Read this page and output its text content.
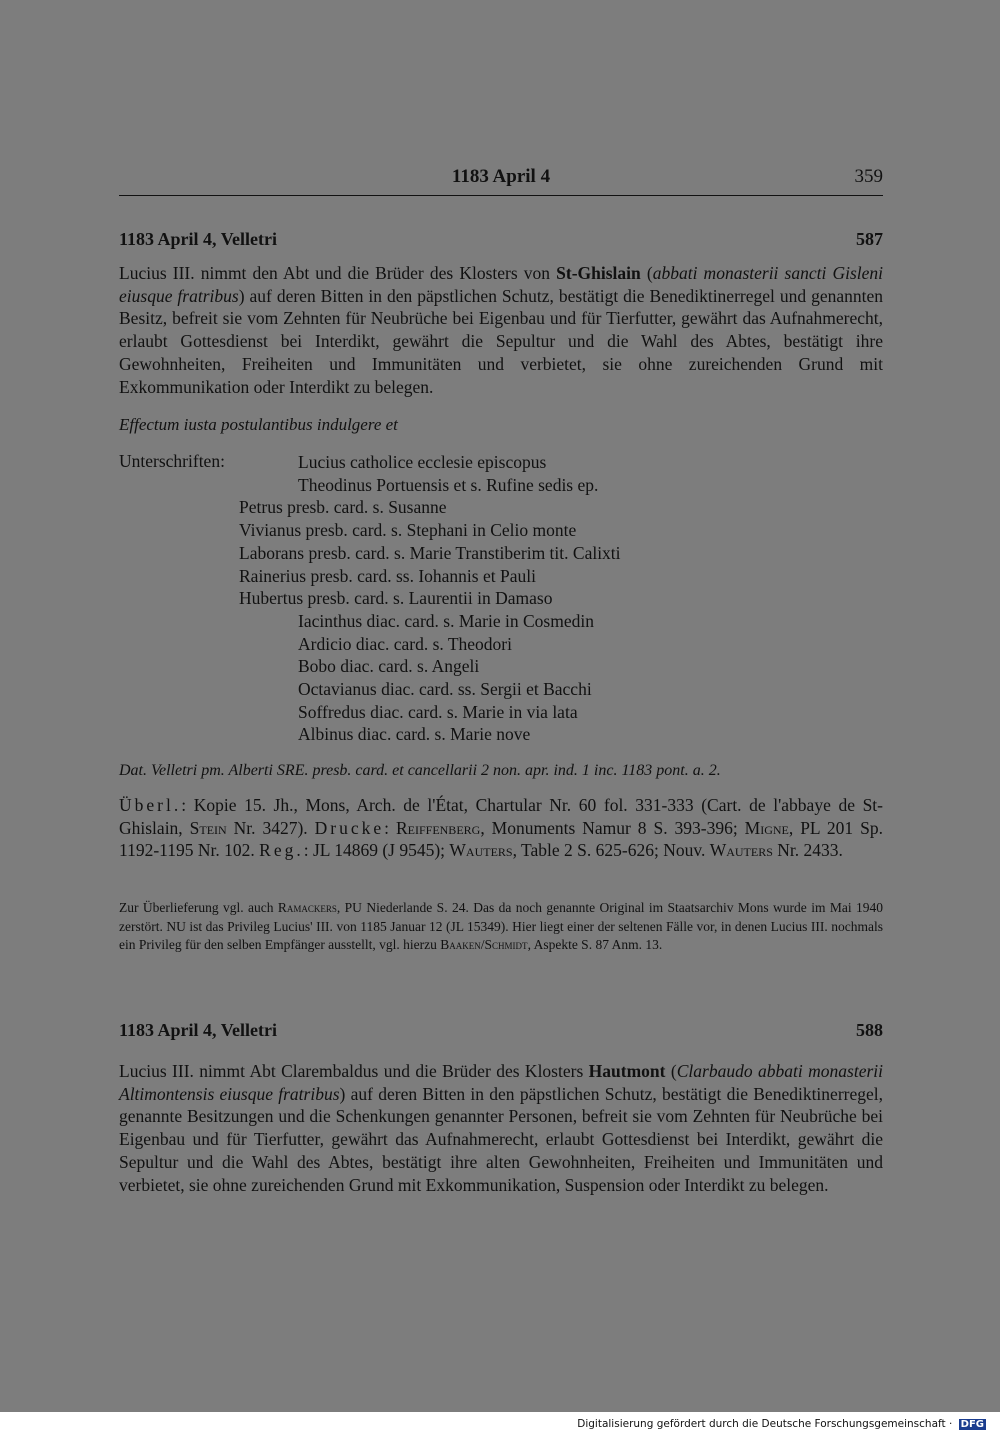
1183 April 4	359
1183 April 4, Velletri	587
Lucius III. nimmt den Abt und die Brüder des Klosters von St-Ghislain (abbati monasterii sancti Gisleni eiusque fratribus) auf deren Bitten in den päpstlichen Schutz, bestätigt die Benediktinerregel und genannten Besitz, befreit sie vom Zehnten für Neubrüche bei Eigenbau und für Tierfutter, gewährt das Aufnahmerecht, erlaubt Gottesdienst bei Interdikt, gewährt die Sepultur und die Wahl des Abtes, bestätigt ihre Gewohnheiten, Freiheiten und Immunitäten und verbietet, sie ohne zureichenden Grund mit Exkommunikation oder Interdikt zu belegen.
Effectum iusta postulantibus indulgere et
Unterschriften:	Lucius catholice ecclesie episcopus
Theodinus Portuensis et s. Rufine sedis ep.
Petrus presb. card. s. Susanne
Vivianus presb. card. s. Stephani in Celio monte
Laborans presb. card. s. Marie Transtiberim tit. Calixti
Rainerius presb. card. ss. Iohannis et Pauli
Hubertus presb. card. s. Laurentii in Damaso
Iacinthus diac. card. s. Marie in Cosmedin
Ardicio diac. card. s. Theodori
Bobo diac. card. s. Angeli
Octavianus diac. card. ss. Sergii et Bacchi
Soffredus diac. card. s. Marie in via lata
Albinus diac. card. s. Marie nove
Dat. Velletri pm. Alberti SRE. presb. card. et cancellarii 2 non. apr. ind. 1 inc. 1183 pont. a. 2.
Überl.: Kopie 15. Jh., Mons, Arch. de l'État, Chartular Nr. 60 fol. 331-333 (Cart. de l'abbaye de St-Ghislain, Stein Nr. 3427). Drucke: Reiffenberg, Monuments Namur 8 S. 393-396; Migne, PL 201 Sp. 1192-1195 Nr. 102. Reg.: JL 14869 (J 9545); Wauters, Table 2 S. 625-626; Nouv. Wauters Nr. 2433.
Zur Überlieferung vgl. auch Ramackers, PU Niederlande S. 24. Das da noch genannte Original im Staatsarchiv Mons wurde im Mai 1940 zerstört. NU ist das Privileg Lucius' III. von 1185 Januar 12 (JL 15349). Hier liegt einer der seltenen Fälle vor, in denen Lucius III. nochmals ein Privileg für den selben Empfänger ausstellt, vgl. hierzu Baaken/Schmidt, Aspekte S. 87 Anm. 13.
1183 April 4, Velletri	588
Lucius III. nimmt Abt Clarembaldus und die Brüder des Klosters Hautmont (Clarbaudo abbati monasterii Altimontensis eiusque fratribus) auf deren Bitten in den päpstlichen Schutz, bestätigt die Benediktinerregel, genannte Besitzungen und die Schenkungen genannter Personen, befreit sie vom Zehnten für Neubrüche bei Eigenbau und für Tierfutter, gewährt das Aufnahmerecht, erlaubt Gottesdienst bei Interdikt, gewährt die Sepultur und die Wahl des Abtes, bestätigt ihre alten Gewohnheiten, Freiheiten und Immunitäten und verbietet, sie ohne zureichenden Grund mit Exkommunikation, Suspension oder Interdikt zu belegen.
Digitalisierung gefördert durch die Deutsche Forschungsgemeinschaft · DFG
